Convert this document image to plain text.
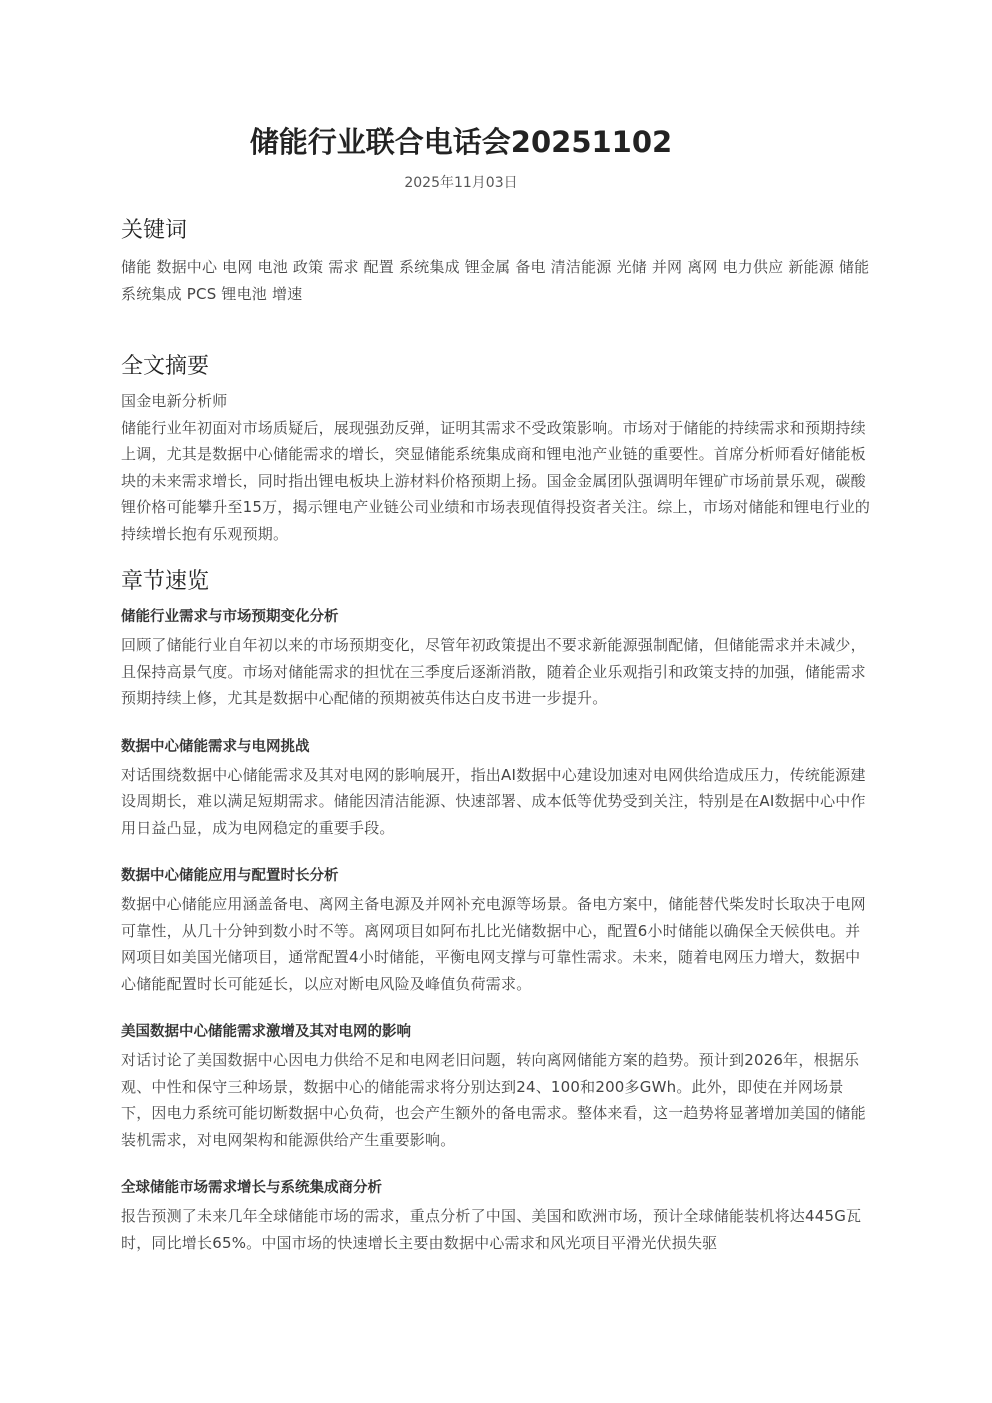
储能行业联合电话会20251102
2025年11月03日
关键词

储能 数据中心 电网 电池 政策 需求 配置 系统集成 锂金属 备电 清洁能源 光储 并网 离网 电力供应 新能源 储能系统集成 PCS 锂电池 增速

全文摘要

国金电新分析师

储能行业年初面对市场质疑后，展现强劲反弹，证明其需求不受政策影响。市场对于储能的持续需求和预期持续上调，尤其是数据中心储能需求的增长，突显储能系统集成商和锂电池产业链的重要性。首席分析师看好储能板块的未来需求增长，同时指出锂电板块上游材料价格预期上扬。国金金属团队强调明年锂矿市场前景乐观，碳酸锂价格可能攀升至15万，揭示锂电产业链公司业绩和市场表现值得投资者关注。综上，市场对储能和锂电行业的持续增长抱有乐观预期。

章节速览
储能行业需求与市场预期变化分析

回顾了储能行业自年初以来的市场预期变化，尽管年初政策提出不要求新能源强制配储，但储能需求并未减少，且保持高景气度。市场对储能需求的担忧在三季度后逐渐消散，随着企业乐观指引和政策支持的加强，储能需求预期持续上修，尤其是数据中心配储的预期被英伟达白皮书进一步提升。

数据中心储能需求与电网挑战

对话围绕数据中心储能需求及其对电网的影响展开，指出AI数据中心建设加速对电网供给造成压力，传统能源建设周期长，难以满足短期需求。储能因清洁能源、快速部署、成本低等优势受到关注，特别是在AI数据中心中作用日益凸显，成为电网稳定的重要手段。

数据中心储能应用与配置时长分析

数据中心储能应用涵盖备电、离网主备电源及并网补充电源等场景。备电方案中，储能替代柴发时长取决于电网可靠性，从几十分钟到数小时不等。离网项目如阿布扎比光储数据中心，配置6小时储能以确保全天候供电。并网项目如美国光储项目，通常配置4小时储能，平衡电网支撑与可靠性需求。未来，随着电网压力增大，数据中心储能配置时长可能延长，以应对断电风险及峰值负荷需求。

美国数据中心储能需求激增及其对电网的影响

对话讨论了美国数据中心因电力供给不足和电网老旧问题，转向离网储能方案的趋势。预计到2026年，根据乐观、中性和保守三种场景，数据中心的储能需求将分别达到24、100和200多GWh。此外，即使在并网场景下，因电力系统可能切断数据中心负荷，也会产生额外的备电需求。整体来看，这一趋势将显著增加美国的储能装机需求，对电网架构和能源供给产生重要影响。

全球储能市场需求增长与系统集成商分析

报告预测了未来几年全球储能市场的需求，重点分析了中国、美国和欧洲市场，预计全球储能装机将达445G瓦时，同比增长65%。中国市场的快速增长主要由数据中心需求和风光项目平滑光伏损失驱
